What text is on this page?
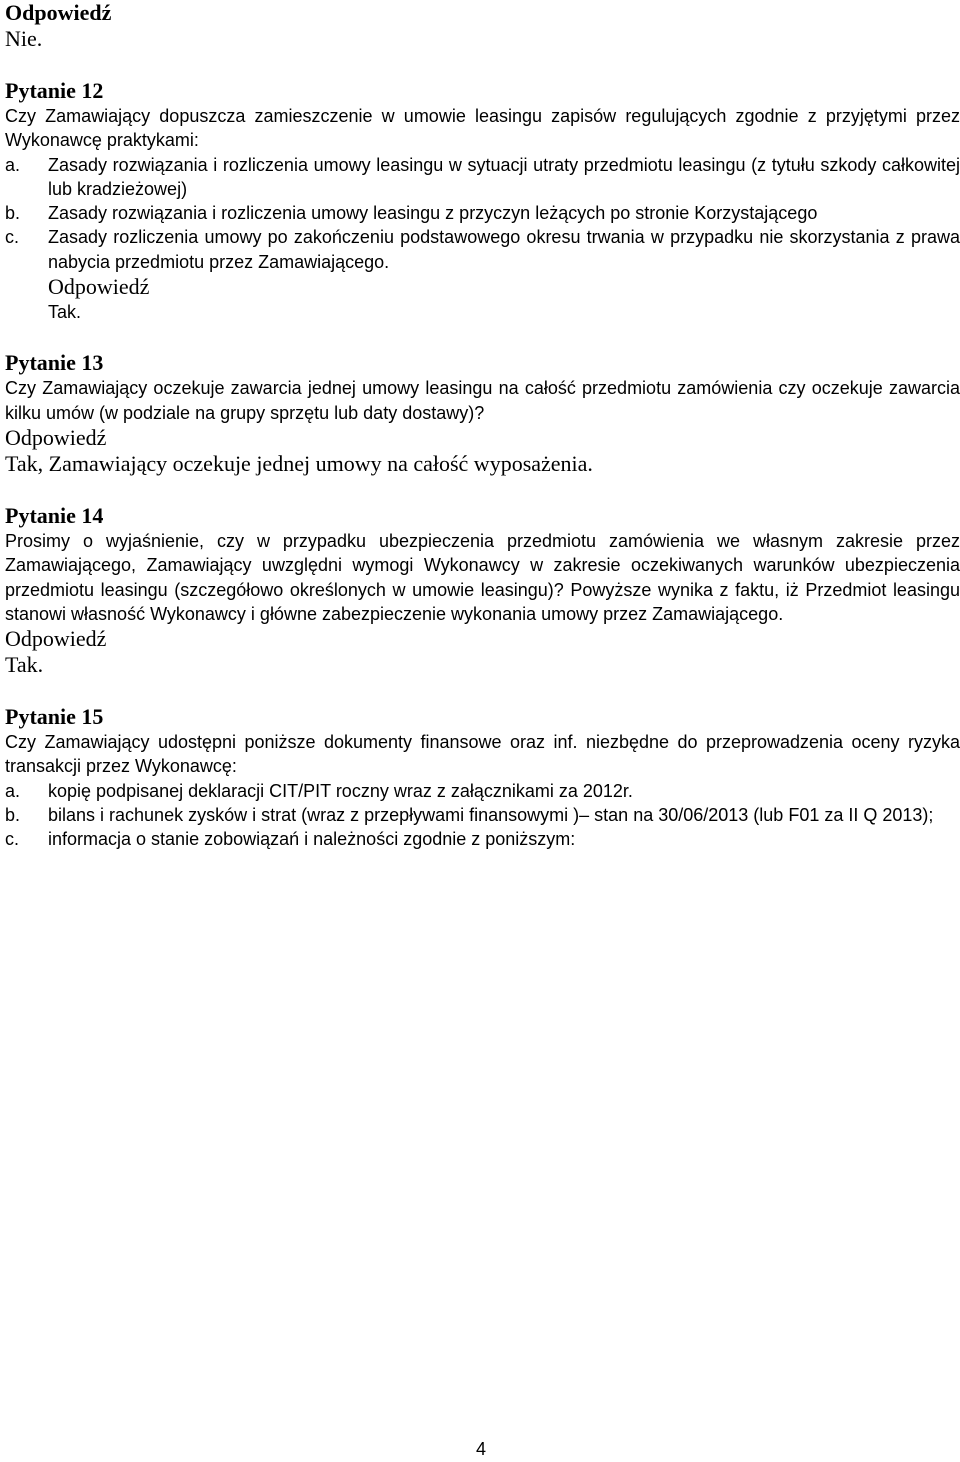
Odpowiedź

Nie.

Pytanie 12

Czy Zamawiający dopuszcza zamieszczenie w umowie leasingu zapisów regulujących zgodnie z przyjętymi przez Wykonawcę praktykami:

a. Zasady rozwiązania i rozliczenia umowy leasingu w sytuacji utraty przedmiotu leasingu (z tytułu szkody całkowitej lub kradzieżowej)
b. Zasady rozwiązania i rozliczenia umowy leasingu z przyczyn leżących po stronie Korzystającego
c. Zasady rozliczenia umowy po zakończeniu podstawowego okresu trwania w przypadku nie skorzystania z prawa nabycia przedmiotu przez Zamawiającego.

Odpowiedź

Tak.

Pytanie 13

Czy Zamawiający oczekuje zawarcia jednej umowy leasingu na całość przedmiotu zamówienia czy oczekuje zawarcia kilku umów (w podziale na grupy sprzętu lub daty dostawy)?

Odpowiedź

Tak, Zamawiający oczekuje jednej umowy na całość wyposażenia.

Pytanie 14

Prosimy o wyjaśnienie, czy w przypadku ubezpieczenia przedmiotu zamówienia we własnym zakresie przez Zamawiającego, Zamawiający uwzględni wymogi Wykonawcy w zakresie oczekiwanych warunków ubezpieczenia przedmiotu leasingu (szczegółowo określonych w umowie leasingu)? Powyższe wynika z faktu, iż Przedmiot leasingu stanowi własność Wykonawcy i główne zabezpieczenie wykonania umowy przez Zamawiającego.

Odpowiedź

Tak.

Pytanie 15

Czy Zamawiający udostępni poniższe dokumenty finansowe oraz inf. niezbędne do przeprowadzenia oceny ryzyka transakcji przez Wykonawcę:

a. kopię podpisanej deklaracji CIT/PIT roczny wraz z załącznikami za 2012r.
b. bilans i rachunek zysków i strat (wraz z przepływami finansowymi )– stan na 30/06/2013 (lub F01 za II Q 2013);
c. informacja o stanie zobowiązań i należności zgodnie z poniższym:
4
